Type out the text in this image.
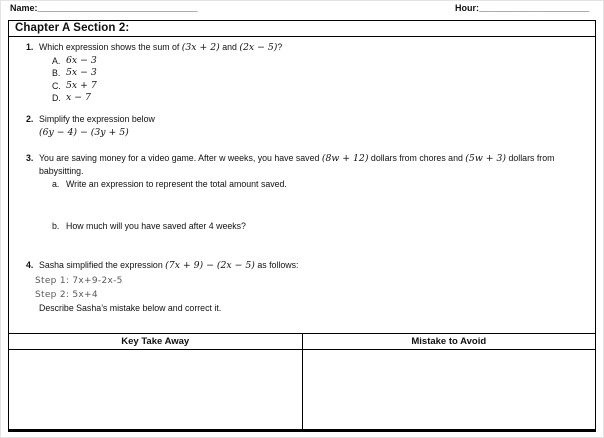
Name:________________________________	Hour:______________________
Chapter A Section 2:
1. Which expression shows the sum of (3x + 2) and (2x − 5)?
A. 6x − 3
B. 5x − 3
C. 5x + 7
D. x − 7
2. Simplify the expression below
(6y − 4) − (3y + 5)
3. You are saving money for a video game. After w weeks, you have saved (8w + 12) dollars from chores and (5w + 3) dollars from babysitting.
a. Write an expression to represent the total amount saved.
b. How much will you have saved after 4 weeks?
4. Sasha simplified the expression (7x + 9) − (2x − 5) as follows:
Step 1: 7x+9-2x-5
Step 2: 5x+4
Describe Sasha’s mistake below and correct it.
Key Take Away	Mistake to Avoid
